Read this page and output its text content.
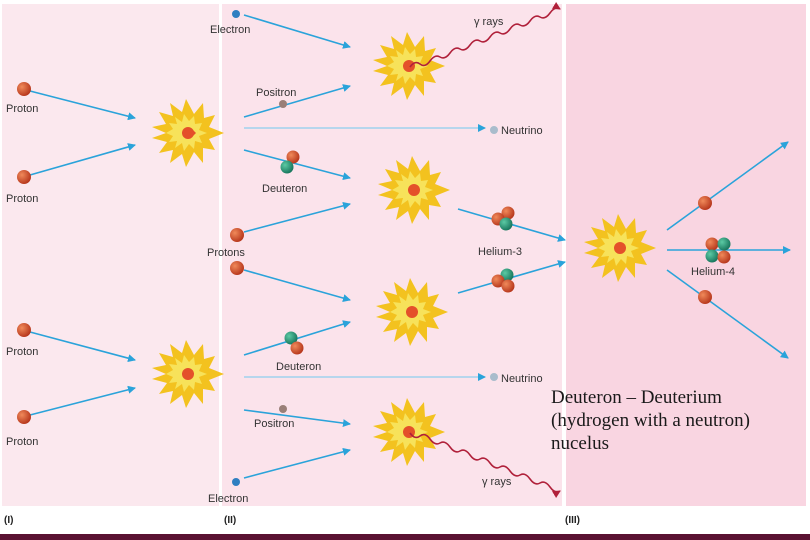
Proton
Proton
Proton
Proton
Electron
Positron
Neutrino
Deuteron
Protons
γ rays
Helium-3
Helium-4
Deuteron
Neutrino
Positron
Electron
γ rays
(I)	(II)	(III)
Deuteron – Deuterium
(hydrogen with a neutron)
nucelus
